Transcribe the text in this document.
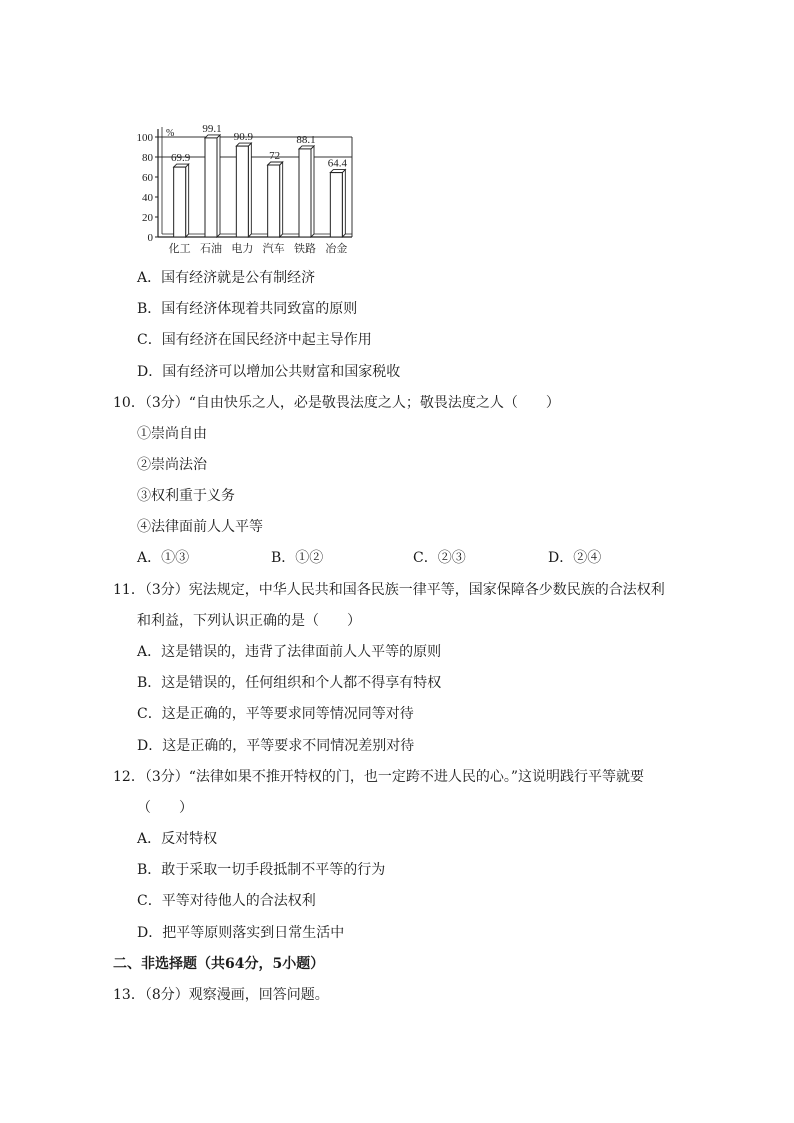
0
20
40
60
80
100 %
69.9
化工
99.1
石油
90.9
电力
72
汽车
88.1
铁路
64.4
冶金
A．国有经济就是公有制经济
B．国有经济体现着共同致富的原则
C．国有经济在国民经济中起主导作用
D．国有经济可以增加公共财富和国家税收
10．（3分）“自由快乐之人，必是敬畏法度之人；敬畏法度之人（　　）
①崇尚自由
②崇尚法治
③权利重于义务
④法律面前人人平等
A．①③	B．①②	C．②③	D．②④
11．（3分）宪法规定，中华人民共和国各民族一律平等，国家保障各少数民族的合法权利
和利益，下列认识正确的是（　　）
A．这是错误的，违背了法律面前人人平等的原则
B．这是错误的，任何组织和个人都不得享有特权
C．这是正确的，平等要求同等情况同等对待
D．这是正确的，平等要求不同情况差别对待
12．（3分）“法律如果不推开特权的门，也一定跨不进人民的心。”这说明践行平等就要
（　　）
A．反对特权
B．敢于采取一切手段抵制不平等的行为
C．平等对待他人的合法权利
D．把平等原则落实到日常生活中
二、非选择题（共64分，5小题）
13．（8分）观察漫画，回答问题。
